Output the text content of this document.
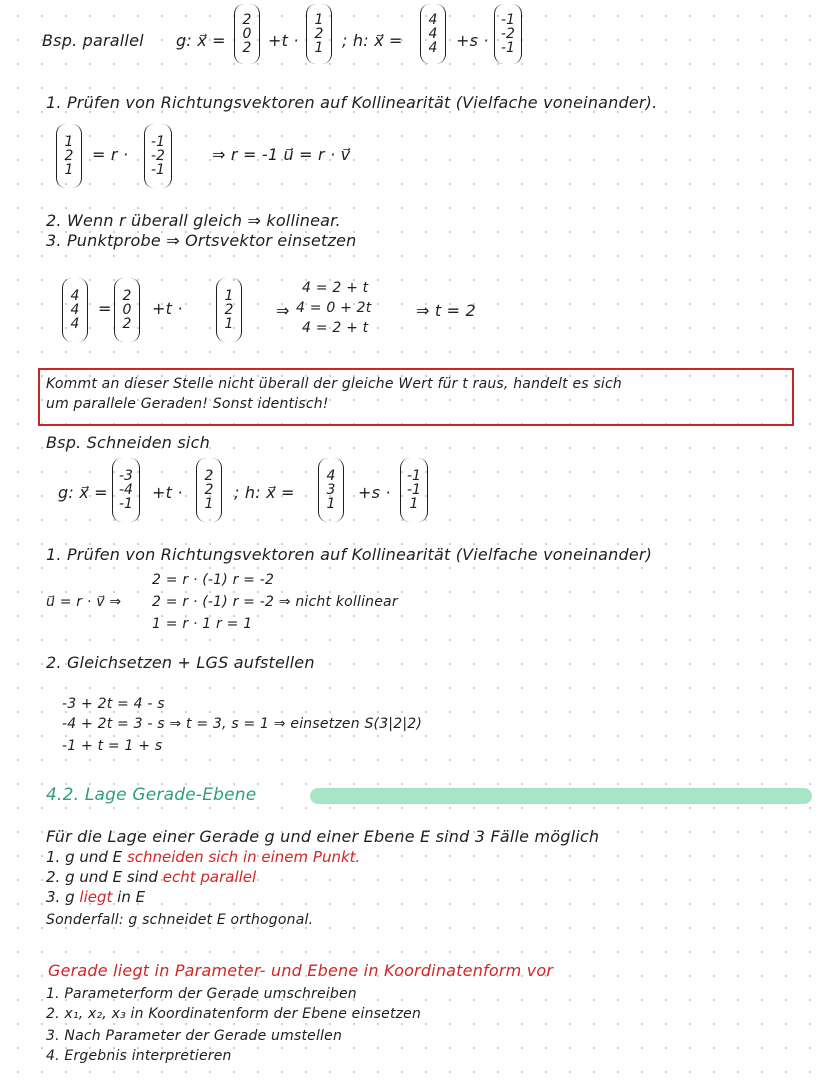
Bsp. parallel g: x⃗ =
2
0
2 +t ·
1
2
1 ; h: x⃗ =
4
4
4 +s ·
-1
-2
-1
1. Prüfen von Richtungsvektoren auf Kollinearität (Vielfache voneinander).
1
2
1
= r ·
-1
-2
-1
⇒ r = -1 u⃗ = r · v⃗
2. Wenn r überall gleich ⇒ kollinear.
3. Punktprobe ⇒ Ortsvektor einsetzen
4
4
4
=
2
0
2
+t ·
1
2
1
⇒
4 = 2 + t
4 = 0 + 2t
4 = 2 + t
⇒ t = 2
Kommt an dieser Stelle nicht überall der gleiche Wert für t raus, handelt es sich
um parallele Geraden! Sonst identisch!
Bsp. Schneiden sich
g: x⃗ =
-3
-4
-1
+t ·
2
2
1
; h: x⃗ =
4
3
1
+s ·
-1
-1
1
1. Prüfen von Richtungsvektoren auf Kollinearität (Vielfache voneinander)
u⃗ = r · v⃗ ⇒
2 = r · (-1) r = -2
2 = r · (-1) r = -2 ⇒ nicht kollinear
1 = r · 1 r = 1
2. Gleichsetzen + LGS aufstellen
-3 + 2t = 4 - s
-4 + 2t = 3 - s ⇒ t = 3, s = 1 ⇒ einsetzen S(3|2|2)
-1 + t = 1 + s
4.2. Lage Gerade-Ebene
Für die Lage einer Gerade g und einer Ebene E sind 3 Fälle möglich
1. g und E schneiden sich in einem Punkt.
2. g und E sind echt parallel
3. g liegt in E
Sonderfall: g schneidet E orthogonal.
Gerade liegt in Parameter- und Ebene in Koordinatenform vor
1. Parameterform der Gerade umschreiben
2. x₁, x₂, x₃ in Koordinatenform der Ebene einsetzen
3. Nach Parameter der Gerade umstellen
4. Ergebnis interpretieren
